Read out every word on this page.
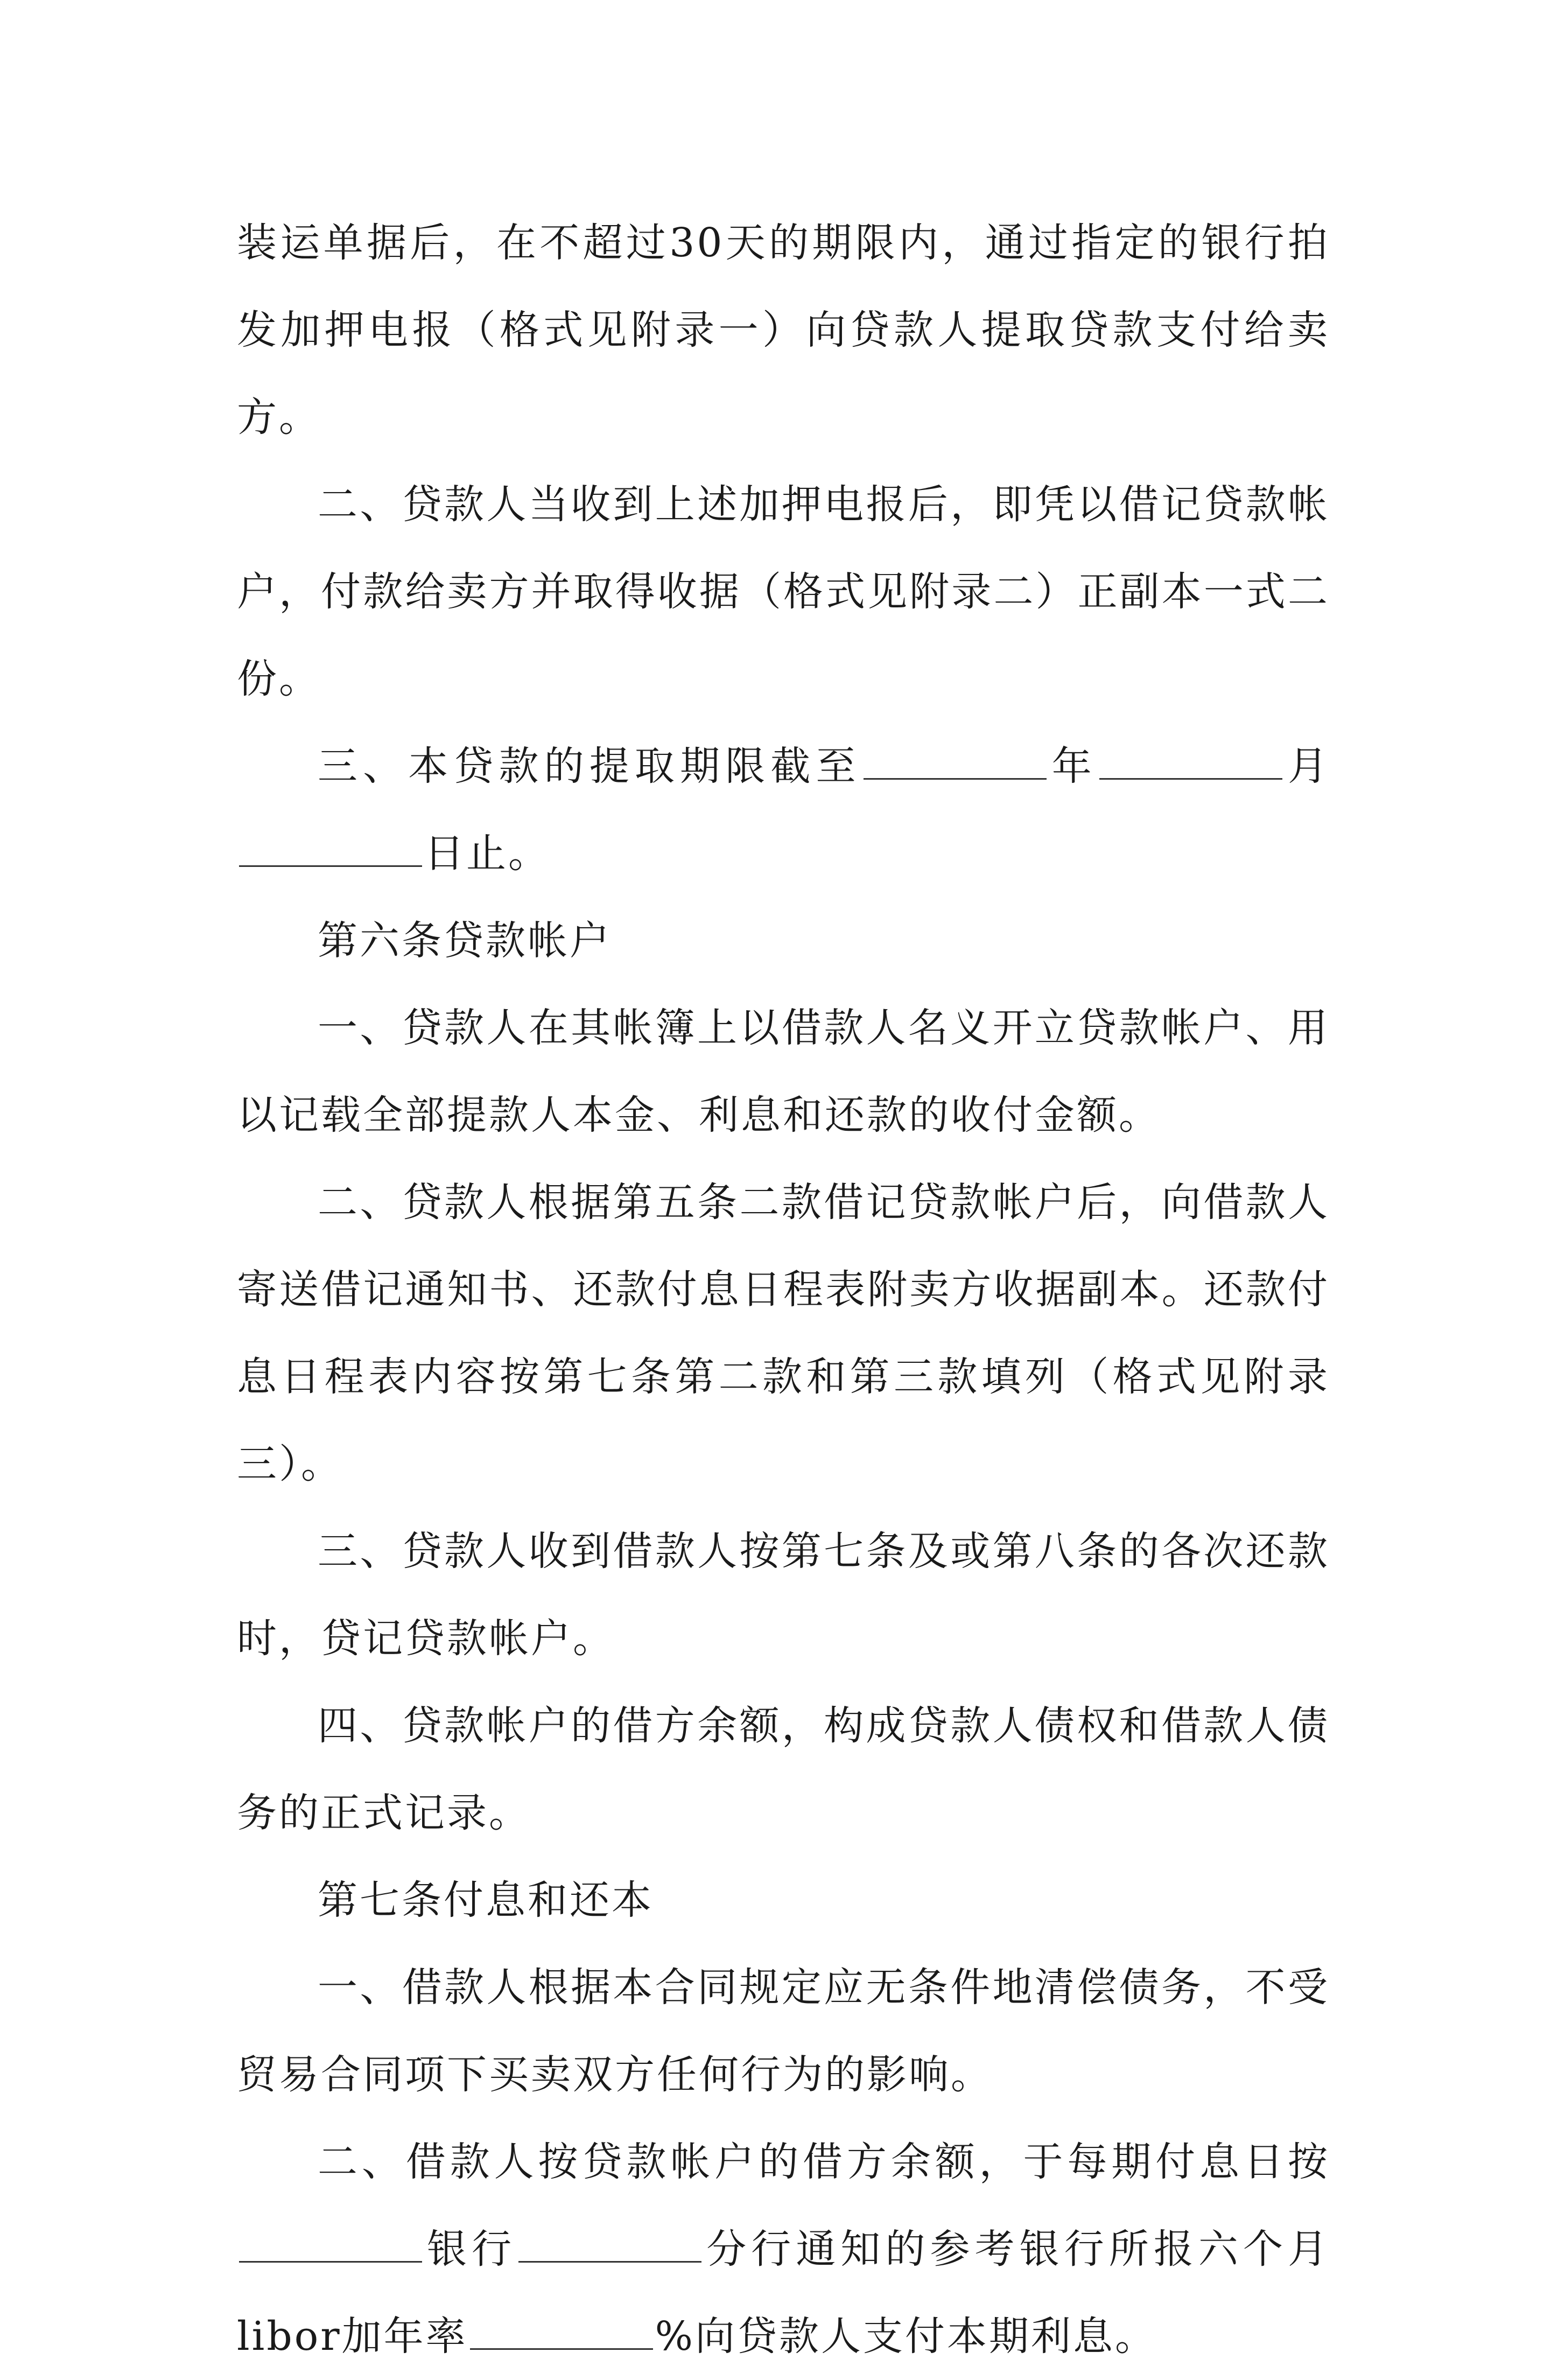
装运单据后，在不超过30天的期限内，通过指定的银行拍发加押电报（格式见附录一）向贷款人提取贷款支付给卖方。

二、贷款人当收到上述加押电报后，即凭以借记贷款帐户，付款给卖方并取得收据（格式见附录二）正副本一式二份。

三、本贷款的提取期限截至	年	月日止。

第六条贷款帐户

一、贷款人在其帐簿上以借款人名义开立贷款帐户、用以记载全部提款人本金、利息和还款的收付金额。

二、贷款人根据第五条二款借记贷款帐户后，向借款人寄送借记通知书、还款付息日程表附卖方收据副本。还款付息日程表内容按第七条第二款和第三款填列（格式见附录三）。

三、贷款人收到借款人按第七条及或第八条的各次还款时，贷记贷款帐户。

四、贷款帐户的借方余额，构成贷款人债权和借款人债务的正式记录。

第七条付息和还本

一、借款人根据本合同规定应无条件地清偿债务，不受贸易合同项下买卖双方任何行为的影响。

二、借款人按贷款帐户的借方余额，于每期付息日按银行	分行通知的参考银行所报六个月libor加年率	%向贷款人支付本期利息。
